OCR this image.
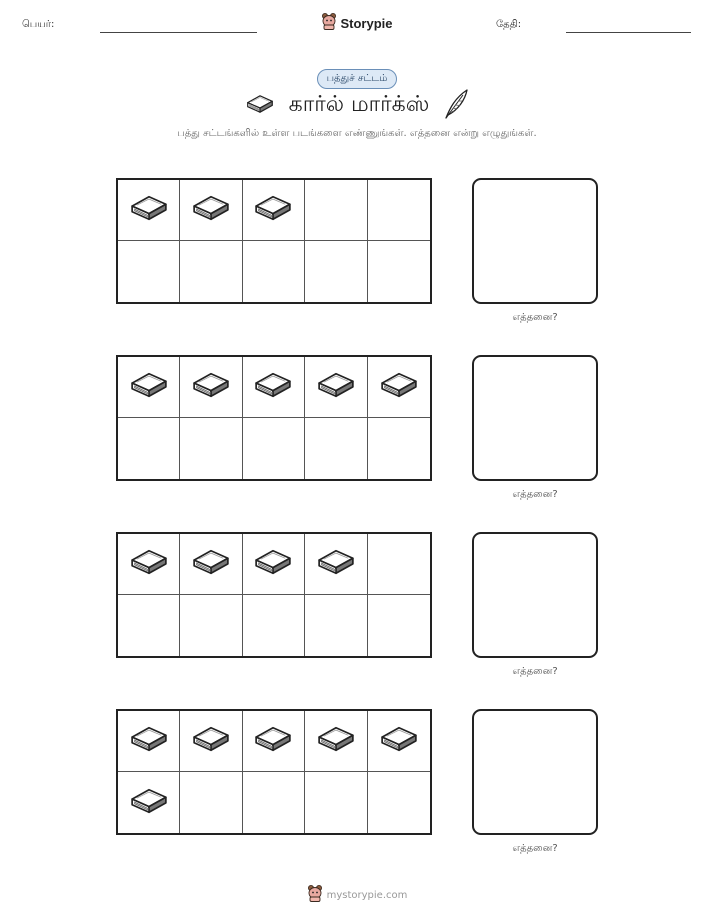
பெயர்:	Storypie	தேதி:
பத்துச் சட்டம்
கார்ல் மார்க்ஸ்
பத்து சட்டங்களில் உள்ள படங்களை எண்ணுங்கள். எத்தனை என்று எழுதுங்கள்.
எத்தனை?
எத்தனை?
எத்தனை?
எத்தனை?
mystorypie.com
